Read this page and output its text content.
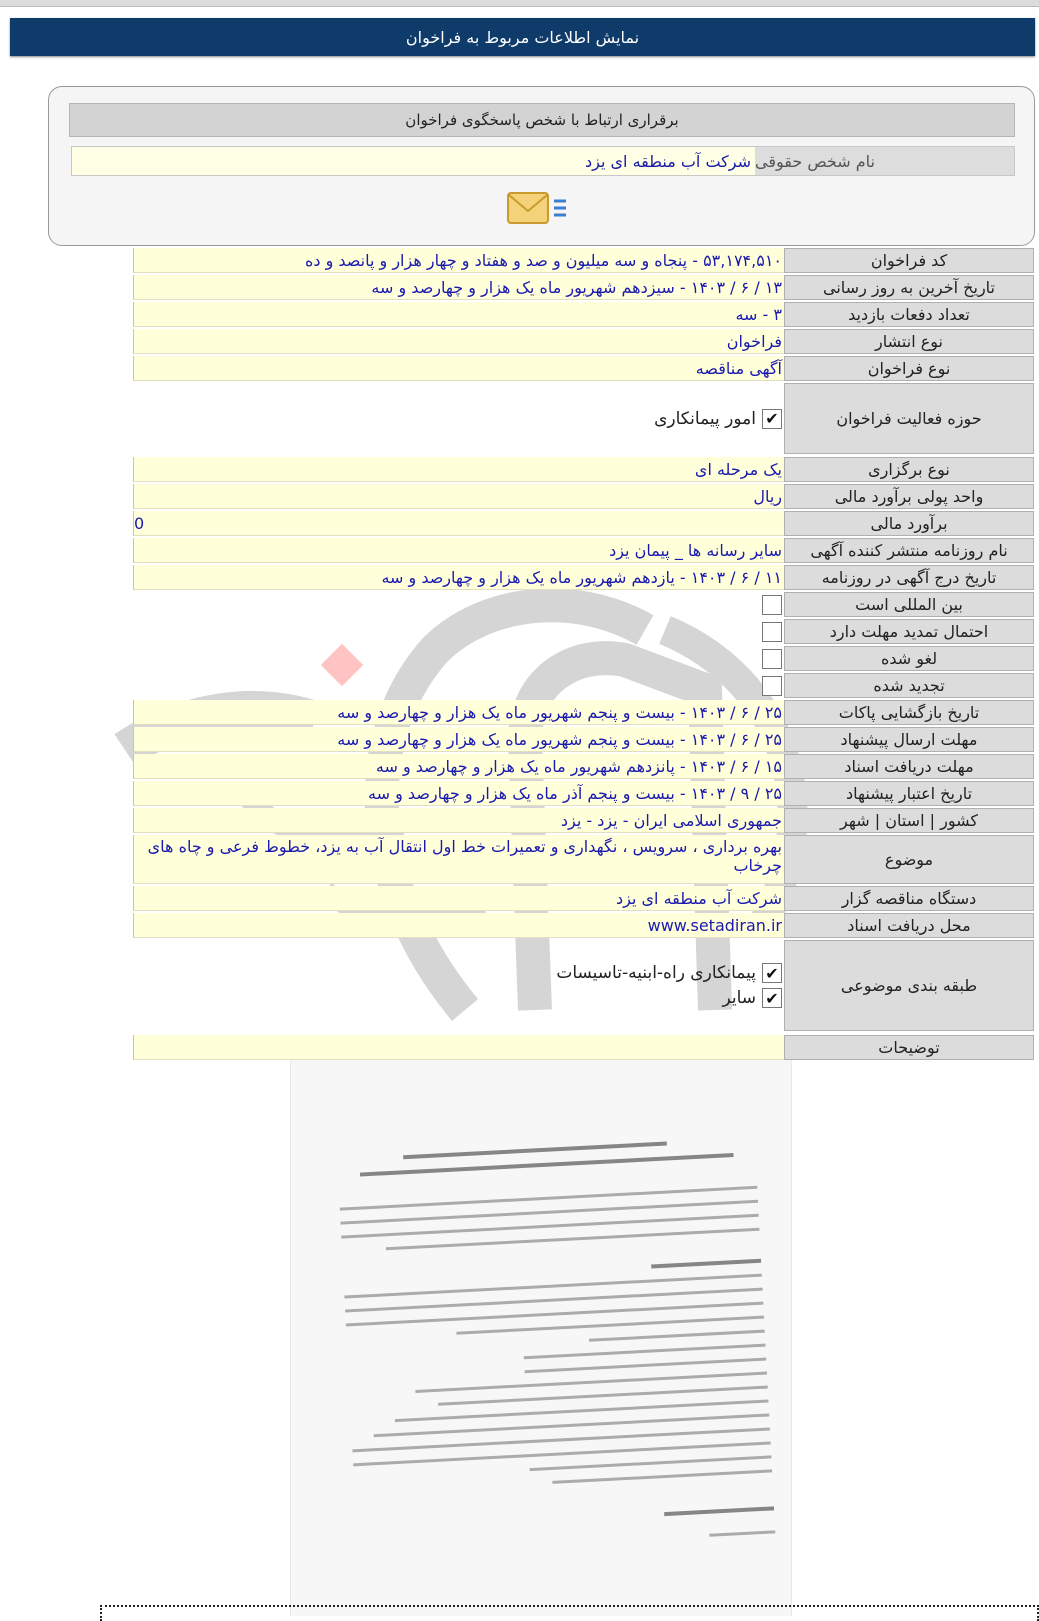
نمایش اطلاعات مربوط به فراخوان
برقراری ارتباط با شخص پاسخگوی فراخوان
نام شخص حقوقی
شرکت آب منطقه ای یزد
کد فراخوان
۵۳,۱۷۴,۵۱۰ - پنجاه و سه میلیون و صد و هفتاد و چهار هزار و پانصد و ده
تاریخ آخرین به روز رسانی
۱۳ / ۶ / ۱۴۰۳ - سیزدهم شهریور ماه یک هزار و چهارصد و سه
تعداد دفعات بازدید
۳ - سه
نوع انتشار
فراخوان
نوع فراخوان
آگهی مناقصه
حوزه فعالیت فراخوان
✔
امور پیمانکاری
نوع برگزاری
یک مرحله ای
واحد پولی برآورد مالی
ریال
برآورد مالی
0
نام روزنامه منتشر کننده آگهی
سایر رسانه ها _ پیمان یزد
تاریخ درج آگهی در روزنامه
۱۱ / ۶ / ۱۴۰۳ - یازدهم شهریور ماه یک هزار و چهارصد و سه
بین المللی است
احتمال تمدید مهلت دارد
لغو شده
تجدید شده
تاریخ بازگشایی پاکات
۲۵ / ۶ / ۱۴۰۳ - بیست و پنجم شهریور ماه یک هزار و چهارصد و سه
مهلت ارسال پیشنهاد
۲۵ / ۶ / ۱۴۰۳ - بیست و پنجم شهریور ماه یک هزار و چهارصد و سه
مهلت دریافت اسناد
۱۵ / ۶ / ۱۴۰۳ - پانزدهم شهریور ماه یک هزار و چهارصد و سه
تاریخ اعتبار پیشنهاد
۲۵ / ۹ / ۱۴۰۳ - بیست و پنجم آذر ماه یک هزار و چهارصد و سه
کشور | استان | شهر
جمهوری اسلامی ایران - یزد - یزد
موضوع
بهره برداری ، سرویس ، نگهداری و تعمیرات خط اول انتقال آب به یزد، خطوط فرعی و چاه های چرخاب
دستگاه مناقصه گزار
شرکت آب منطقه ای یزد
محل دریافت اسناد
www.setadiran.ir
طبقه بندی موضوعی
✔
پیمانکاری راه-ابنیه-تاسیسات
✔
سایر
توضیحات
